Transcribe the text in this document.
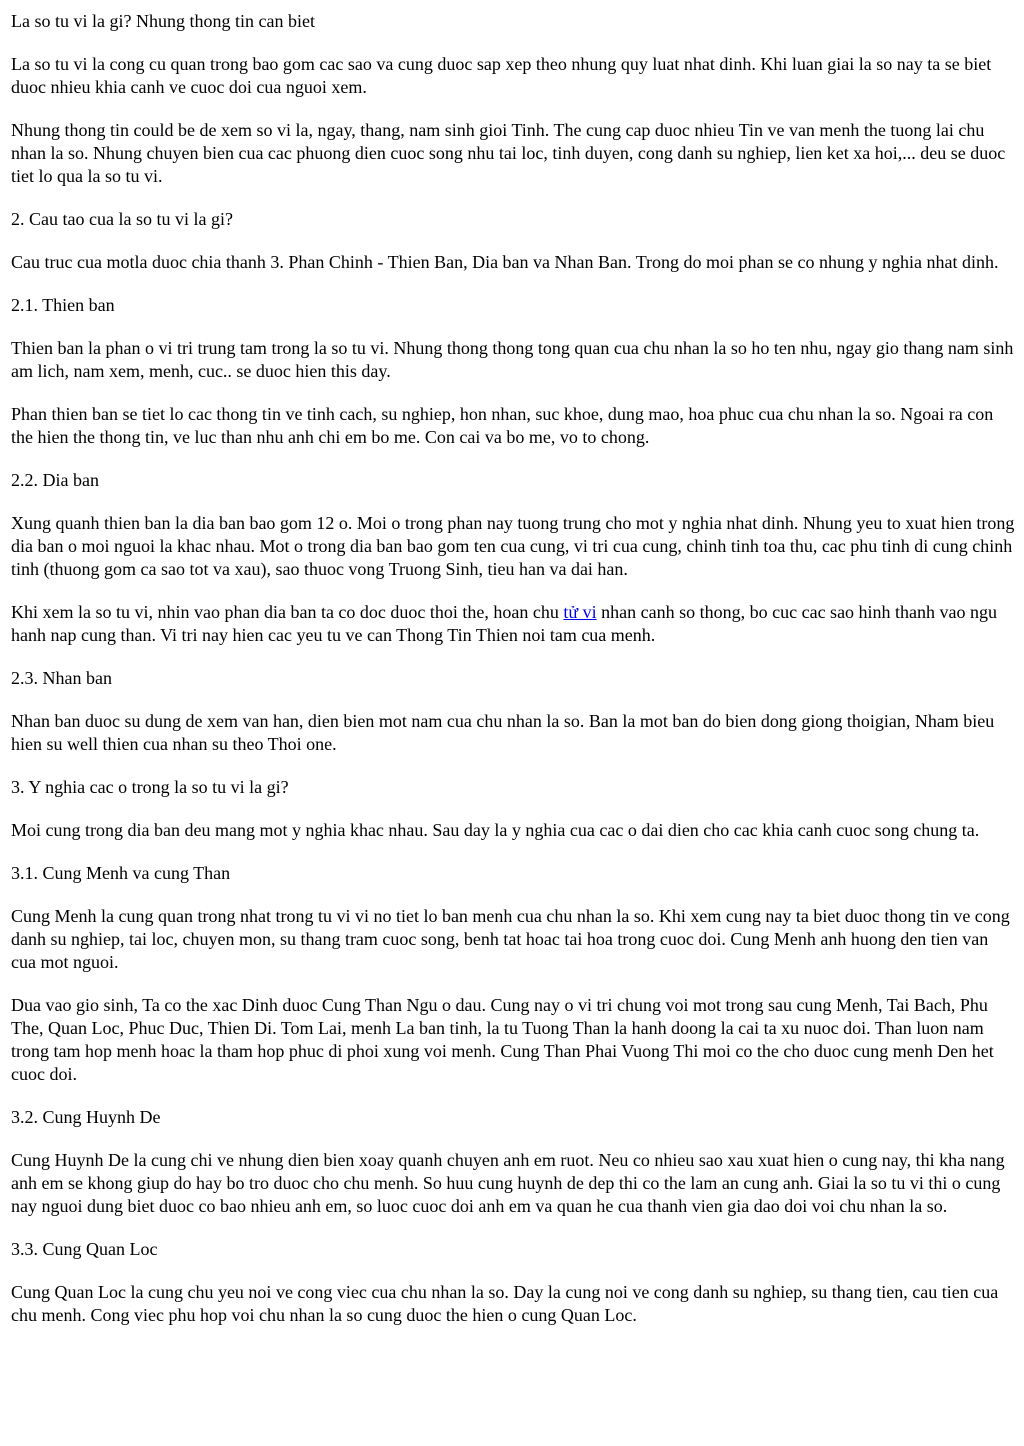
La so tu vi la gi? Nhung thong tin can biet

La so tu vi la cong cu quan trong bao gom cac sao va cung duoc sap xep theo nhung quy luat nhat dinh. Khi luan giai la so nay ta se biet duoc nhieu khia canh ve cuoc doi cua nguoi xem.

Nhung thong tin could be de xem so vi la, ngay, thang, nam sinh gioi Tinh. The cung cap duoc nhieu Tin ve van menh the tuong lai chu nhan la so. Nhung chuyen bien cua cac phuong dien cuoc song nhu tai loc, tinh duyen, cong danh su nghiep, lien ket xa hoi,... deu se duoc tiet lo qua la so tu vi.

2. Cau tao cua la so tu vi la gi?

Cau truc cua motla duoc chia thanh 3. Phan Chinh - Thien Ban, Dia ban va Nhan Ban. Trong do moi phan se co nhung y nghia nhat dinh.

2.1. Thien ban

Thien ban la phan o vi tri trung tam trong la so tu vi. Nhung thong thong tong quan cua chu nhan la so ho ten nhu, ngay gio thang nam sinh am lich, nam xem, menh, cuc.. se duoc hien this day.

Phan thien ban se tiet lo cac thong tin ve tinh cach, su nghiep, hon nhan, suc khoe, dung mao, hoa phuc cua chu nhan la so. Ngoai ra con the hien the thong tin, ve luc than nhu anh chi em bo me. Con cai va bo me, vo to chong.

2.2. Dia ban

Xung quanh thien ban la dia ban bao gom 12 o. Moi o trong phan nay tuong trung cho mot y nghia nhat dinh. Nhung yeu to xuat hien trong dia ban o moi nguoi la khac nhau. Mot o trong dia ban bao gom ten cua cung, vi tri cua cung, chinh tinh toa thu, cac phu tinh di cung chinh tinh (thuong gom ca sao tot va xau), sao thuoc vong Truong Sinh, tieu han va dai han.

Khi xem la so tu vi, nhin vao phan dia ban ta co doc duoc thoi the, hoan chu tử vi nhan canh so thong, bo cuc cac sao hinh thanh vao ngu hanh nap cung than. Vi tri nay hien cac yeu tu ve can Thong Tin Thien noi tam cua menh.

2.3. Nhan ban

Nhan ban duoc su dung de xem van han, dien bien mot nam cua chu nhan la so. Ban la mot ban do bien dong giong thoigian, Nham bieu hien su well thien cua nhan su theo Thoi one.

3. Y nghia cac o trong la so tu vi la gi?

Moi cung trong dia ban deu mang mot y nghia khac nhau. Sau day la y nghia cua cac o dai dien cho cac khia canh cuoc song chung ta.

3.1. Cung Menh va cung Than

Cung Menh la cung quan trong nhat trong tu vi vi no tiet lo ban menh cua chu nhan la so. Khi xem cung nay ta biet duoc thong tin ve cong danh su nghiep, tai loc, chuyen mon, su thang tram cuoc song, benh tat hoac tai hoa trong cuoc doi. Cung Menh anh huong den tien van cua mot nguoi.

Dua vao gio sinh, Ta co the xac Dinh duoc Cung Than Ngu o dau. Cung nay o vi tri chung voi mot trong sau cung Menh, Tai Bach, Phu The, Quan Loc, Phuc Duc, Thien Di. Tom Lai, menh La ban tinh, la tu Tuong Than la hanh doong la cai ta xu nuoc doi. Than luon nam trong tam hop menh hoac la tham hop phuc di phoi xung voi menh. Cung Than Phai Vuong Thi moi co the cho duoc cung menh Den het cuoc doi.

3.2. Cung Huynh De

Cung Huynh De la cung chi ve nhung dien bien xoay quanh chuyen anh em ruot. Neu co nhieu sao xau xuat hien o cung nay, thi kha nang anh em se khong giup do hay bo tro duoc cho chu menh. So huu cung huynh de dep thi co the lam an cung anh. Giai la so tu vi thi o cung nay nguoi dung biet duoc co bao nhieu anh em, so luoc cuoc doi anh em va quan he cua thanh vien gia dao doi voi chu nhan la so.

3.3. Cung Quan Loc

Cung Quan Loc la cung chu yeu noi ve cong viec cua chu nhan la so. Day la cung noi ve cong danh su nghiep, su thang tien, cau tien cua chu menh. Cong viec phu hop voi chu nhan la so cung duoc the hien o cung Quan Loc.
